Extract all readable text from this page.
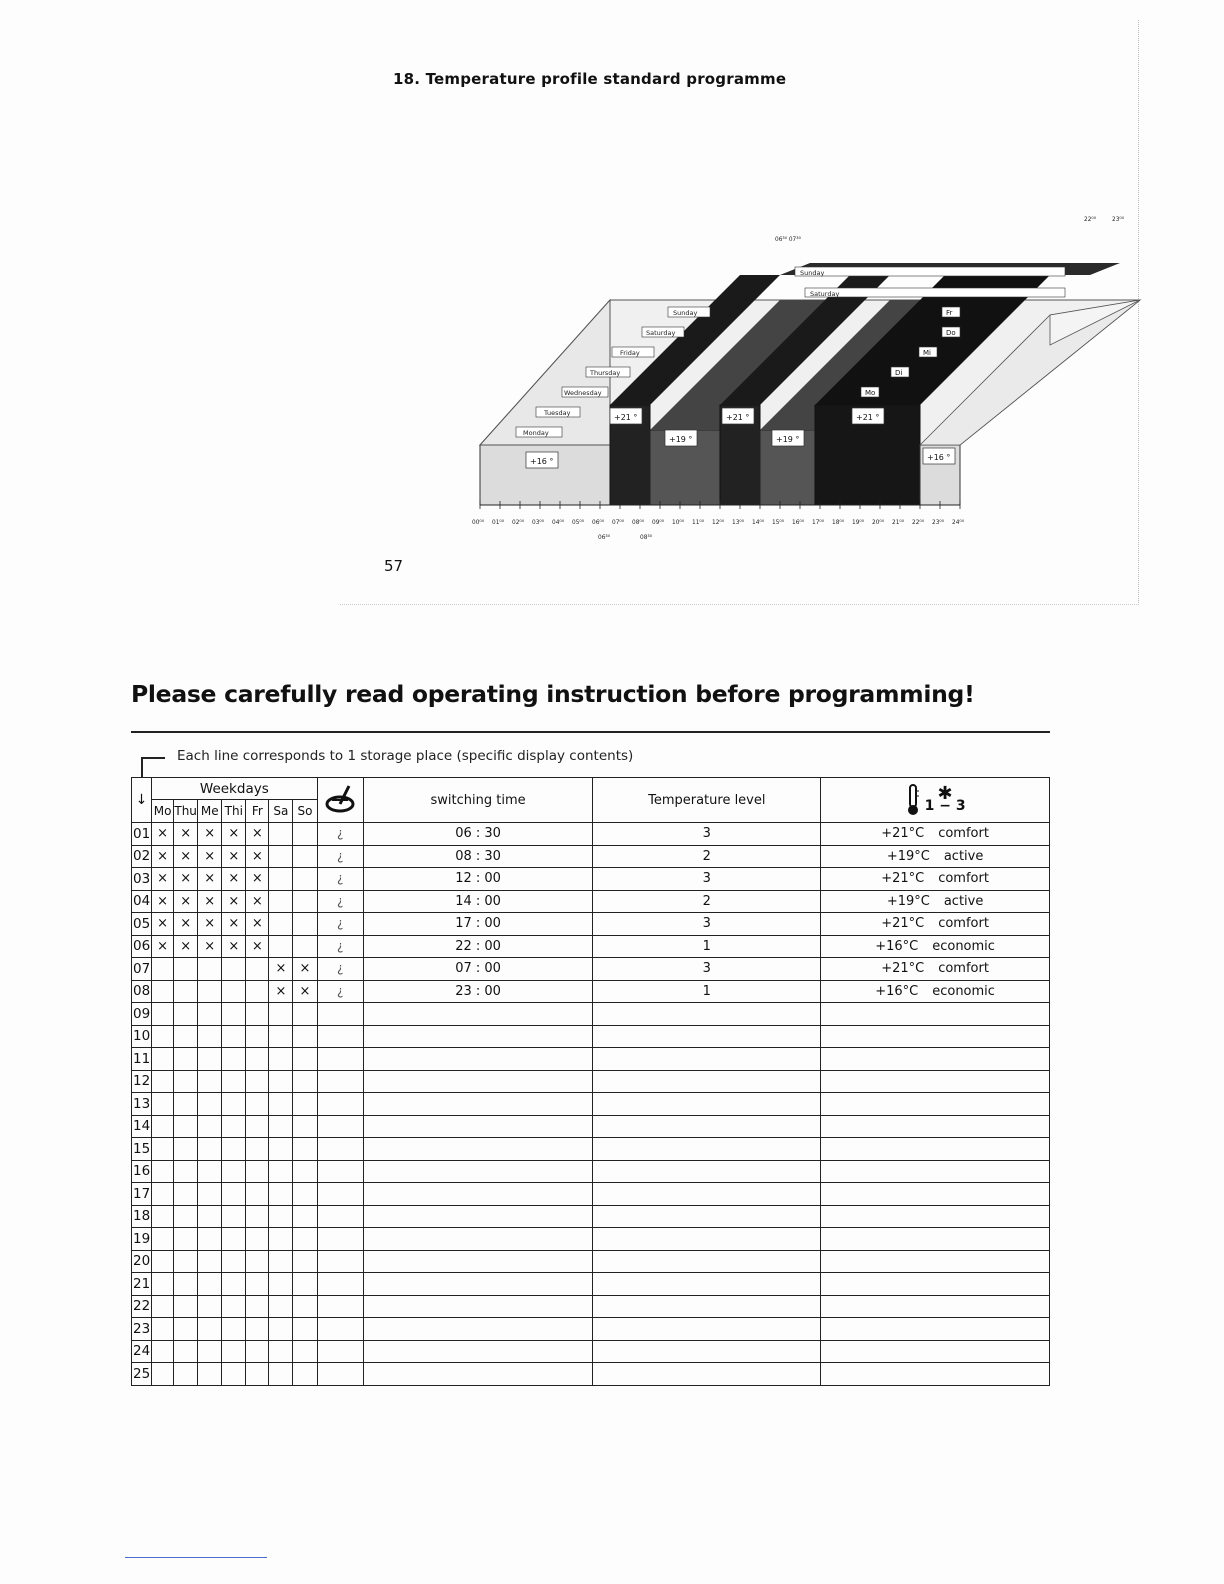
18. Temperature profile standard programme
Sunday
Saturday
Friday
Thursday
Wednesday
Tuesday
Monday
Sunday
Saturday
Fr
Do
Mi
Di
Mo
+16 °
+21 °
+19 °
+21 °
+19 °
+21 °
+16 °
00⁰⁰ 01⁰⁰ 02⁰⁰ 03⁰⁰ 04⁰⁰ 05⁰⁰ 06⁰⁰ 07⁰⁰ 08⁰⁰ 09⁰⁰ 10⁰⁰ 11⁰⁰ 12⁰⁰ 13⁰⁰ 14⁰⁰ 15⁰⁰ 16⁰⁰ 17⁰⁰ 18⁰⁰ 19⁰⁰ 20⁰⁰ 21⁰⁰ 22⁰⁰ 23⁰⁰ 24⁰⁰
06³⁰	08³⁰
06³⁰ 07³⁰
22⁰⁰	23⁰⁰
57
Please carefully read operating instruction before programming!
Each line corresponds to 1 storage place (specific display contents)
↓	Weekdays								switching time	Temperature level	✱
1 − 3

	Mo	Thu	Me	Thi	Fr	Sa	So				
01	×	×	×	×	×			¿	06 : 30	3	+21°C comfort
02	×	×	×	×	×			¿	08 : 30	2	+19°C active
03	×	×	×	×	×			¿	12 : 00	3	+21°C comfort
04	×	×	×	×	×			¿	14 : 00	2	+19°C active
05	×	×	×	×	×			¿	17 : 00	3	+21°C comfort
06	×	×	×	×	×			¿	22 : 00	1	+16°C economic
07						×	×	¿	07 : 00	3	+21°C comfort
08						×	×	¿	23 : 00	1	+16°C economic
09											
10											
11											
12											
13											
14											
15											
16											
17											
18											
19											
20											
21											
22											
23											
24											
25											
